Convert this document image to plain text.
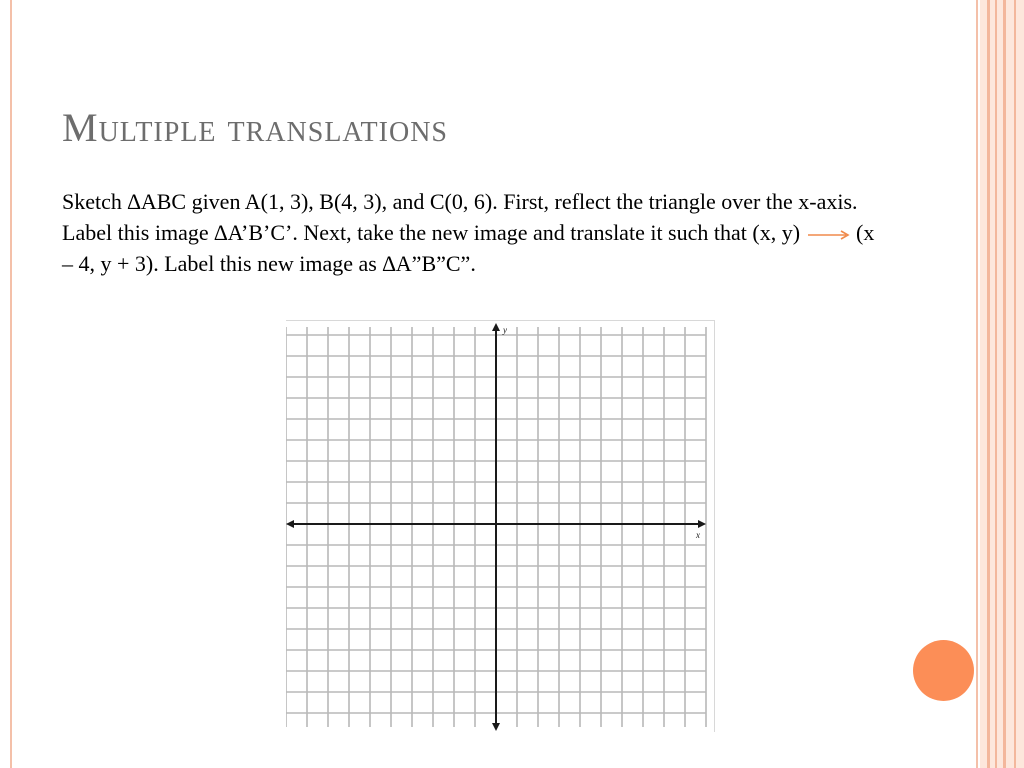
Multiple translations

Sketch ∆ABC given A(1, 3), B(4, 3), and C(0, 6). First, reflect the triangle over the x-axis. Label this image ∆A’B’C’. Next, take the new image and translate it such that (x, y)	(x – 4, y + 3). Label this new image as ∆A”B”C”.

x
y
